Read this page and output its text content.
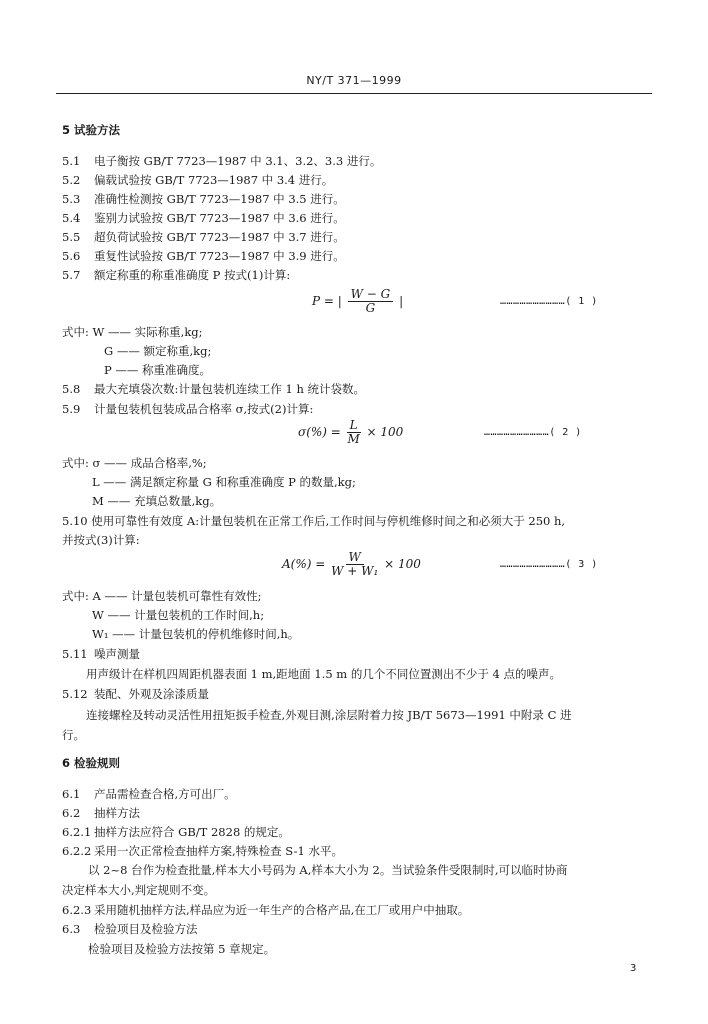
NY/T 371—1999
5 试验方法
5.1 电子衡按 GB/T 7723—1987 中 3.1、3.2、3.3 进行。
5.2 偏载试验按 GB/T 7723—1987 中 3.4 进行。
5.3 准确性检测按 GB/T 7723—1987 中 3.5 进行。
5.4 鉴别力试验按 GB/T 7723—1987 中 3.6 进行。
5.5 超负荷试验按 GB/T 7723—1987 中 3.7 进行。
5.6 重复性试验按 GB/T 7723—1987 中 3.9 进行。
5.7 额定称重的称重准确度 P 按式(1)计算:
P = | $\frac{W - G}{G}$ |	…………………………( 1 )
式中: W —— 实际称重,kg;
G —— 额定称重,kg;
P —— 称重准确度。
5.8 最大充填袋次数:计量包装机连续工作 1 h 统计袋数。
5.9 计量包装机包装成品合格率 σ,按式(2)计算:
$\sigma(\%) = \frac{L}{M} \times 100$	…………………………( 2 )
式中: σ —— 成品合格率,%;
L —— 满足额定称量 G 和称重准确度 P 的数量,kg;
M —— 充填总数量,kg。
5.10 使用可靠性有效度 A:计量包装机在正常工作后,工作时间与停机维修时间之和必须大于 250 h,
并按式(3)计算:
$A(\%) = \frac{W}{\text{W + W₁}} \times 100$	…………………………( 3 )
式中: A —— 计量包装机可靠性有效性;
W —— 计量包装机的工作时间,h;
W₁ —— 计量包装机的停机维修时间,h。
5.11 噪声测量
用声级计在样机四周距机器表面 1 m,距地面 1.5 m 的几个不同位置测出不少于 4 点的噪声。
5.12 装配、外观及涂漆质量
连接螺栓及转动灵活性用扭矩扳手检查,外观目测,涂层附着力按 JB/T 5673—1991 中附录 C 进
行。
6 检验规则
6.1 产品需检查合格,方可出厂。
6.2 抽样方法
6.2.1 抽样方法应符合 GB/T 2828 的规定。
6.2.2 采用一次正常检查抽样方案,特殊检查 S-1 水平。
以 2~8 台作为检查批量,样本大小号码为 A,样本大小为 2。当试验条件受限制时,可以临时协商
决定样本大小,判定规则不变。
6.2.3 采用随机抽样方法,样品应为近一年生产的合格产品,在工厂或用户中抽取。
6.3 检验项目及检验方法
检验项目及检验方法按第 5 章规定。
3
